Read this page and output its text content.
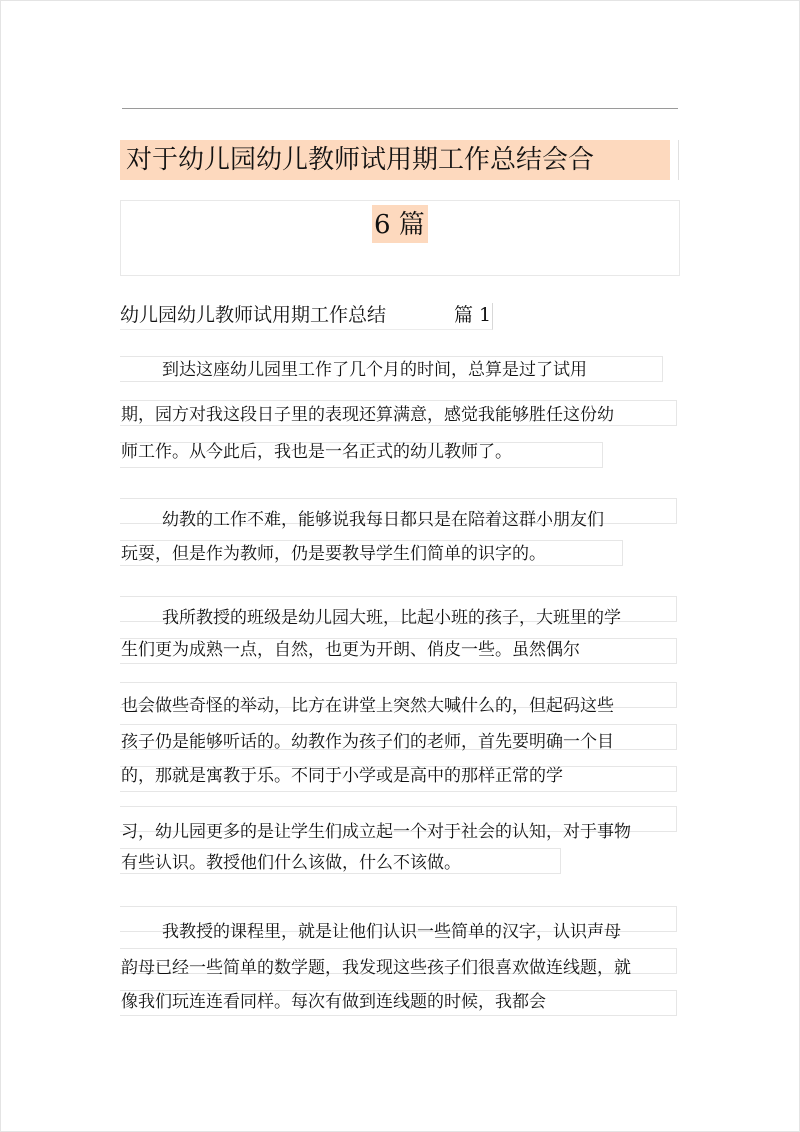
对于幼儿园幼儿教师试用期工作总结会合
6 篇
幼儿园幼儿教师试用期工作总结	篇 1
到达这座幼儿园里工作了几个月的时间，总算是过了试用
期，园方对我这段日子里的表现还算满意，感觉我能够胜任这份幼
师工作。从今此后，我也是一名正式的幼儿教师了。
幼教的工作不难，能够说我每日都只是在陪着这群小朋友们
玩耍，但是作为教师，仍是要教导学生们简单的识字的。
我所教授的班级是幼儿园大班，比起小班的孩子，大班里的学
生们更为成熟一点，自然，也更为开朗、俏皮一些。虽然偶尔
也会做些奇怪的举动，比方在讲堂上突然大喊什么的，但起码这些
孩子仍是能够听话的。幼教作为孩子们的老师，首先要明确一个目
的，那就是寓教于乐。不同于小学或是高中的那样正常的学
习，幼儿园更多的是让学生们成立起一个对于社会的认知，对于事物
有些认识。教授他们什么该做，什么不该做。
我教授的课程里，就是让他们认识一些简单的汉字，认识声母
韵母已经一些简单的数学题，我发现这些孩子们很喜欢做连线题，就
像我们玩连连看同样。每次有做到连线题的时候，我都会
